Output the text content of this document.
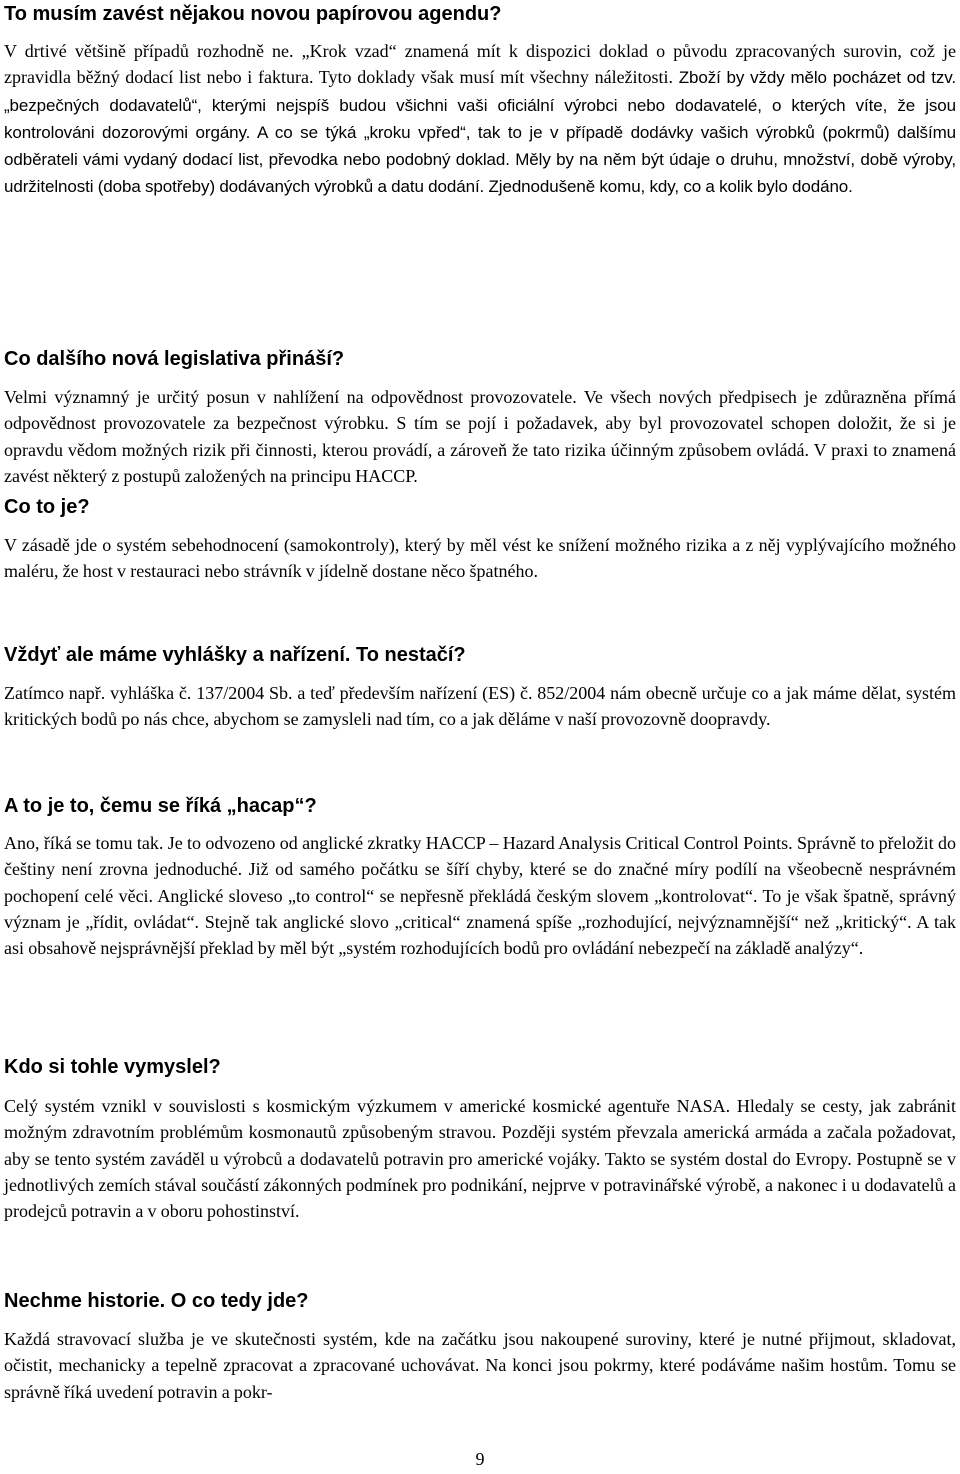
To musím zavést nějakou novou papírovou agendu?

V drtivé většině případů rozhodně ne. „Krok vzad“ znamená mít k dispozici doklad o původu zpracovaných surovin, což je zpravidla běžný dodací list nebo i faktura. Tyto doklady však musí mít všechny náležitosti. Zboží by vždy mělo pocházet od tzv. „bezpečných dodavatelů“, kterými nejspíš budou všichni vaši oficiální výrobci nebo dodavatelé, o kterých víte, že jsou kontrolováni dozorovými orgány. A co se týká „kroku vpřed“, tak to je v případě dodávky vašich výrobků (pokrmů) dalšímu odběrateli vámi vydaný dodací list, převodka nebo podobný doklad. Měly by na něm být údaje o druhu, množství, době výroby, udržitelnosti (doba spotřeby) dodávaných výrobků a datu dodání. Zjednodušeně komu, kdy, co a kolik bylo dodáno.

Co dalšího nová legislativa přináší?

Velmi významný je určitý posun v nahlížení na odpovědnost provozovatele. Ve všech nových předpisech je zdůrazněna přímá odpovědnost provozovatele za bezpečnost výrobku. S tím se pojí i požadavek, aby byl provozovatel schopen doložit, že si je opravdu vědom možných rizik při činnosti, kterou provádí, a zároveň že tato rizika účinným způsobem ovládá. V praxi to znamená zavést některý z postupů založených na principu HACCP.

Co to je?

V zásadě jde o systém sebehodnocení (samokontroly), který by měl vést ke snížení možného rizika a z něj vyplývajícího možného maléru, že host v restauraci nebo strávník v jídelně dostane něco špatného.

Vždyť ale máme vyhlášky a nařízení. To nestačí?

Zatímco např. vyhláška č. 137/2004 Sb. a teď především nařízení (ES) č. 852/2004 nám obecně určuje co a jak máme dělat, systém kritických bodů po nás chce, abychom se zamysleli nad tím, co a jak děláme v naší provozovně doopravdy.

A to je to, čemu se říká „hacap“?

Ano, říká se tomu tak. Je to odvozeno od anglické zkratky HACCP – Hazard Analysis Critical Control Points. Správně to přeložit do češtiny není zrovna jednoduché. Již od samého počátku se šíří chyby, které se do značné míry podílí na všeobecně nesprávném pochopení celé věci. Anglické sloveso „to control“ se nepřesně překládá českým slovem „kontrolovat“. To je však špatně, správný význam je „řídit, ovládat“. Stejně tak anglické slovo „critical“ znamená spíše „rozhodující, nejvýznamnější“ než „kritický“. A tak asi obsahově nejsprávnější překlad by měl být „systém rozhodujících bodů pro ovládání nebezpečí na základě analýzy“.

Kdo si tohle vymyslel?

Celý systém vznikl v souvislosti s kosmickým výzkumem v americké kosmické agentuře NASA. Hledaly se cesty, jak zabránit možným zdravotním problémům kosmonautů způsobeným stravou. Později systém převzala americká armáda a začala požadovat, aby se tento systém zaváděl u výrobců a dodavatelů potravin pro americké vojáky. Takto se systém dostal do Evropy. Postupně se v jednotlivých zemích stával součástí zákonných podmínek pro podnikání, nejprve v potravinářské výrobě, a nakonec i u dodavatelů a prodejců potravin a v oboru pohostinství.

Nechme historie. O co tedy jde?

Každá stravovací služba je ve skutečnosti systém, kde na začátku jsou nakoupené suroviny, které je nutné přijmout, skladovat, očistit, mechanicky a tepelně zpracovat a zpracované uchovávat. Na konci jsou pokrmy, které podáváme našim hostům. Tomu se správně říká uvedení potravin a pokr-

9
